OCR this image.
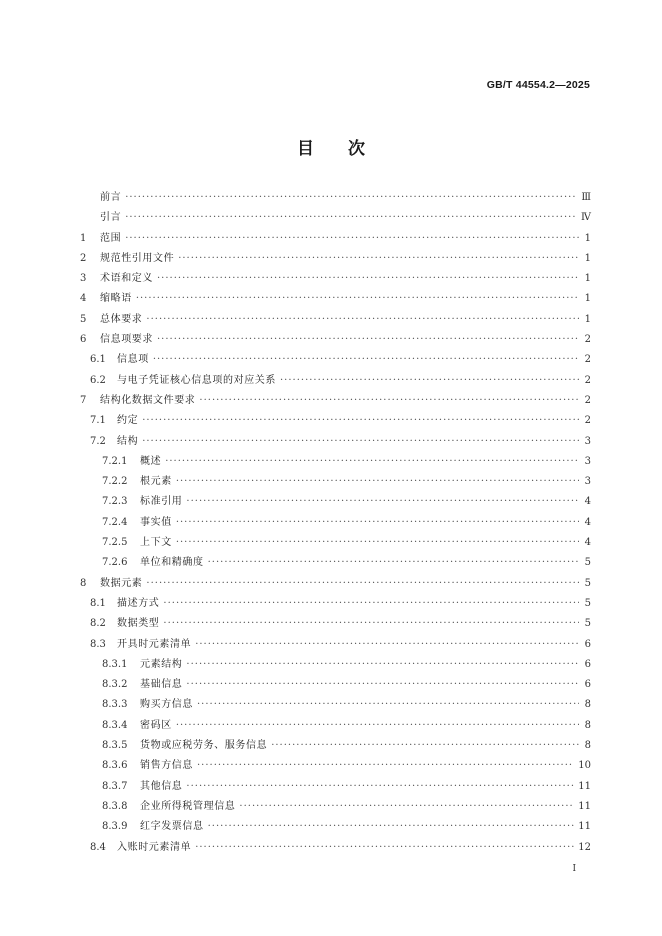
GB/T 44554.2—2025
目次
前言 ·····	Ⅲ
引言 ·····	Ⅳ
1	范围 ·····	1
2	规范性引用文件 ·····	1
3	术语和定义 ·····	1
4	缩略语 ·····	1
5	总体要求 ·····	1
6	信息项要求 ·····	2
6.1	信息项 ·····	2
6.2	与电子凭证核心信息项的对应关系 ·····	2
7	结构化数据文件要求 ·····	2
7.1	约定 ·····	2
7.2	结构 ·····	3
7.2.1	概述 ·····	3
7.2.2	根元素 ·····	3
7.2.3	标准引用 ·····	4
7.2.4	事实值 ·····	4
7.2.5	上下文 ·····	4
7.2.6	单位和精确度 ·····	5
8	数据元素 ·····	5
8.1	描述方式 ·····	5
8.2	数据类型 ·····	5
8.3	开具时元素清单 ·····	6
8.3.1	元素结构 ·····	6
8.3.2	基础信息 ·····	6
8.3.3	购买方信息 ·····	8
8.3.4	密码区 ·····	8
8.3.5	货物或应税劳务、服务信息 ·····	8
8.3.6	销售方信息 ·····	10
8.3.7	其他信息 ·····	11
8.3.8	企业所得税管理信息 ·····	11
8.3.9	红字发票信息 ·····	11
8.4	入账时元素清单 ·····	12
Ⅰ
